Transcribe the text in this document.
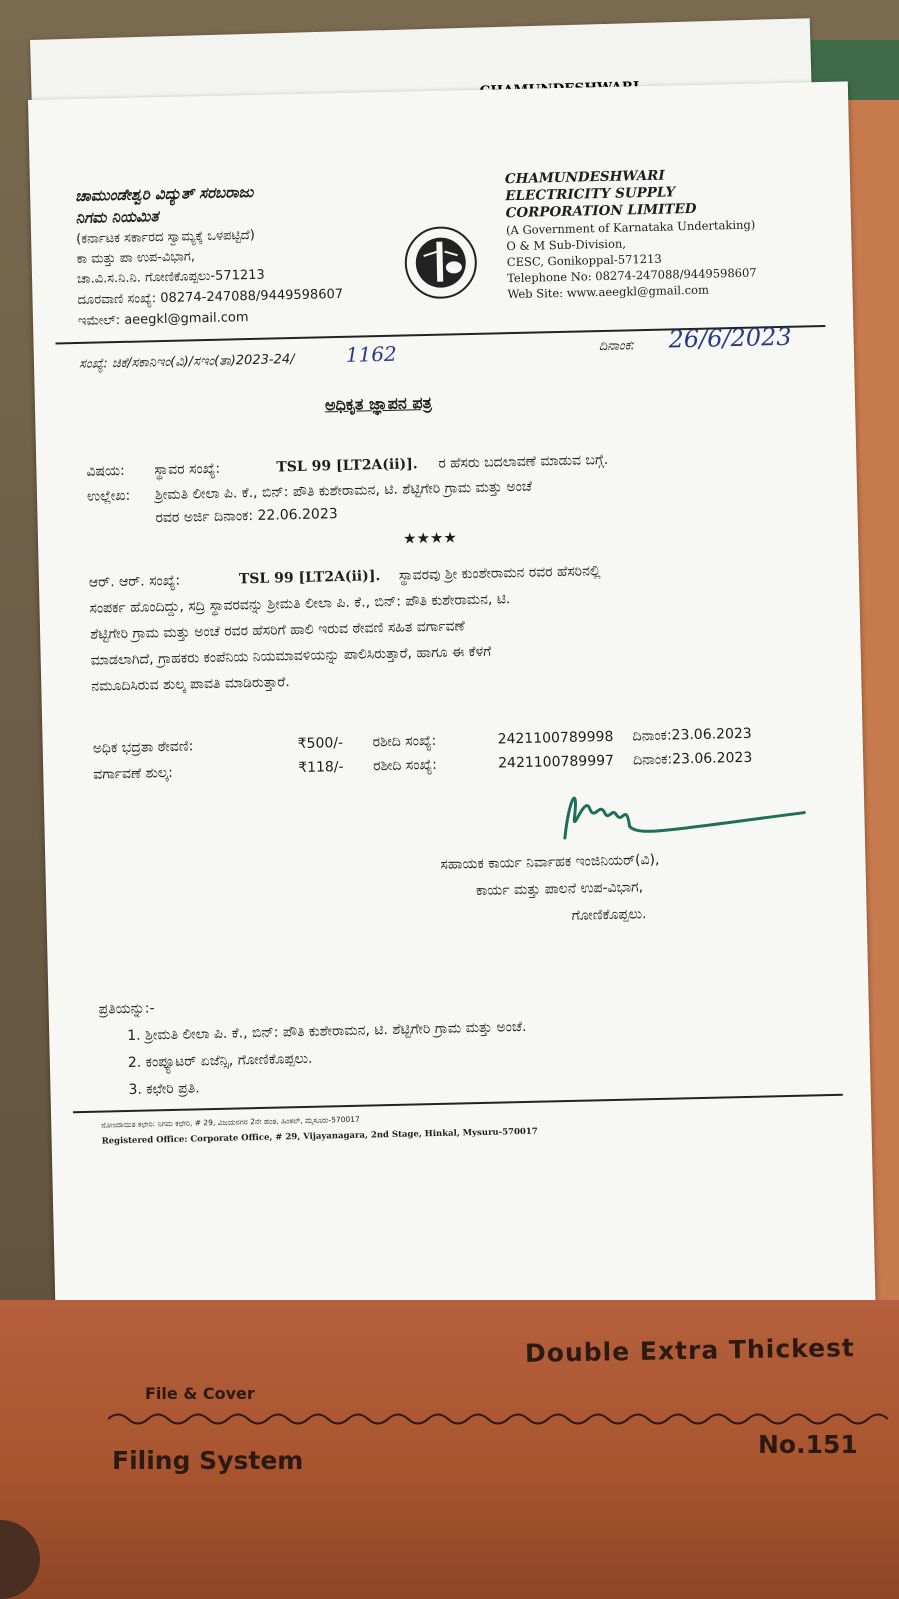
ಚಾಮುಂಡೇಶ್ವರಿ ವಿದ್ಯುತ್ ಸರಬರಾಜು
ನಿಗಮ ನಿಯಮಿತ
(ಕರ್ನಾಟಕ ಸರ್ಕಾರದ ಸ್ವಾಮ್ಯಕ್ಕೆ ಒಳಪಟ್ಟಿದೆ)
ಕಾ ಮತ್ತು ಪಾ ಉಪ-ವಿಭಾಗ,
ಚಾ.ವಿ.ಸ.ನಿ.ನಿ. ಗೋಣಿಕೊಪ್ಪಲು-571213
ದೂರವಾಣಿ ಸಂಖ್ಯೆ: 08274-247088/9449598607
ಇಮೇಲ್: aeegkl@gmail.com
CHAMUNDESHWARI
ELECTRICITY SUPPLY
CORPORATION LIMITED
(A Government of Karnataka Undertaking)
O & M Sub-Division,
CESC, Gonikoppal-571213
Telephone No: 08274-247088/9449598607
Web Site: www.aeegkl@gmail.com
ಸಂಖ್ಯೆ: ಚಿಕೆ/ಸಕಾನಿಇಂ(ವಿ)/ಸಇಂ(ತಾ)2023-24/	1162	ದಿನಾಂಕ: 26/6/2023
ಅಧಿಕೃತ ಜ್ಞಾಪನ ಪತ್ರ
ವಿಷಯ: ಸ್ಥಾವರ ಸಂಖ್ಯೆ:	TSL 99 [LT2A(ii)]. ರ ಹೆಸರು ಬದಲಾವಣೆ ಮಾಡುವ ಬಗ್ಗೆ.
ಉಲ್ಲೇಖ: ಶ್ರೀಮತಿ ಲೀಲಾ ಪಿ. ಕೆ., ಬಿನ್: ಪೌತಿ ಕುಶೇರಾಮನ, ಟಿ. ಶೆಟ್ಟಿಗೇರಿ ಗ್ರಾಮ ಮತ್ತು ಅಂಚೆ
ರವರ ಅರ್ಜಿ ದಿನಾಂಕ: 22.06.2023
★★★★
ಆರ್. ಆರ್. ಸಂಖ್ಯೆ:	TSL 99 [LT2A(ii)]. ಸ್ಥಾವರವು ಶ್ರೀ ಕುಂಶೇರಾಮನ ರವರ ಹೆಸರಿನಲ್ಲಿ
ಸಂಪರ್ಕ ಹೊಂದಿದ್ದು, ಸದ್ರಿ ಸ್ಥಾವರವನ್ನು ಶ್ರೀಮತಿ ಲೀಲಾ ಪಿ. ಕೆ., ಬಿನ್: ಪೌತಿ ಕುಶೇರಾಮನ, ಟಿ.
ಶೆಟ್ಟಿಗೇರಿ ಗ್ರಾಮ ಮತ್ತು ಅಂಚೆ ರವರ ಹೆಸರಿಗೆ ಹಾಲಿ ಇರುವ ಠೇವಣಿ ಸಹಿತ ವರ್ಗಾವಣೆ
ಮಾಡಲಾಗಿದೆ, ಗ್ರಾಹಕರು ಕಂಪೆನಿಯ ನಿಯಮಾವಳಿಯನ್ನು ಪಾಲಿಸಿರುತ್ತಾರೆ, ಹಾಗೂ ಈ ಕೆಳಗೆ
ನಮೂದಿಸಿರುವ ಶುಲ್ಕ ಪಾವತಿ ಮಾಡಿರುತ್ತಾರೆ.
ಅಧಿಕ ಭದ್ರತಾ ಠೇವಣಿ:	₹500/- ರಶೀದಿ ಸಂಖ್ಯೆ:	2421100789998 ದಿನಾಂಕ:23.06.2023
ವರ್ಗಾವಣೆ ಶುಲ್ಕ:	₹118/- ರಶೀದಿ ಸಂಖ್ಯೆ:	2421100789997 ದಿನಾಂಕ:23.06.2023
ಸಹಾಯಕ ಕಾರ್ಯ ನಿರ್ವಾಹಕ ಇಂಜಿನಿಯರ್(ವಿ),
ಕಾರ್ಯ ಮತ್ತು ಪಾಲನೆ ಉಪ-ವಿಭಾಗ,
ಗೋಣಿಕೊಪ್ಪಲು.
ಪ್ರತಿಯನ್ನು:-
1. ಶ್ರೀಮತಿ ಲೀಲಾ ಪಿ. ಕೆ., ಬಿನ್: ಪೌತಿ ಕುಶೇರಾಮನ, ಟಿ. ಶೆಟ್ಟಿಗೇರಿ ಗ್ರಾಮ ಮತ್ತು ಅಂಚೆ.
2. ಕಂಪ್ಯೂಟರ್ ಏಜೆನ್ಸಿ, ಗೋಣಿಕೊಪ್ಪಲು.
3. ಕಛೇರಿ ಪ್ರತಿ.
ನೋಂದಾಯಿತ ಕಛೇರಿ: ನಿಗಮ ಕಛೇರಿ, # 29, ವಿಜಯನಗರ 2ನೇ ಹಂತ, ಹಿಂಕಲ್, ಮೈಸೂರು-570017
Registered Office: Corporate Office, # 29, Vijayanagara, 2nd Stage, Hinkal, Mysuru-570017
Double Extra Thickest
File & Cover
Filing System
No.151
